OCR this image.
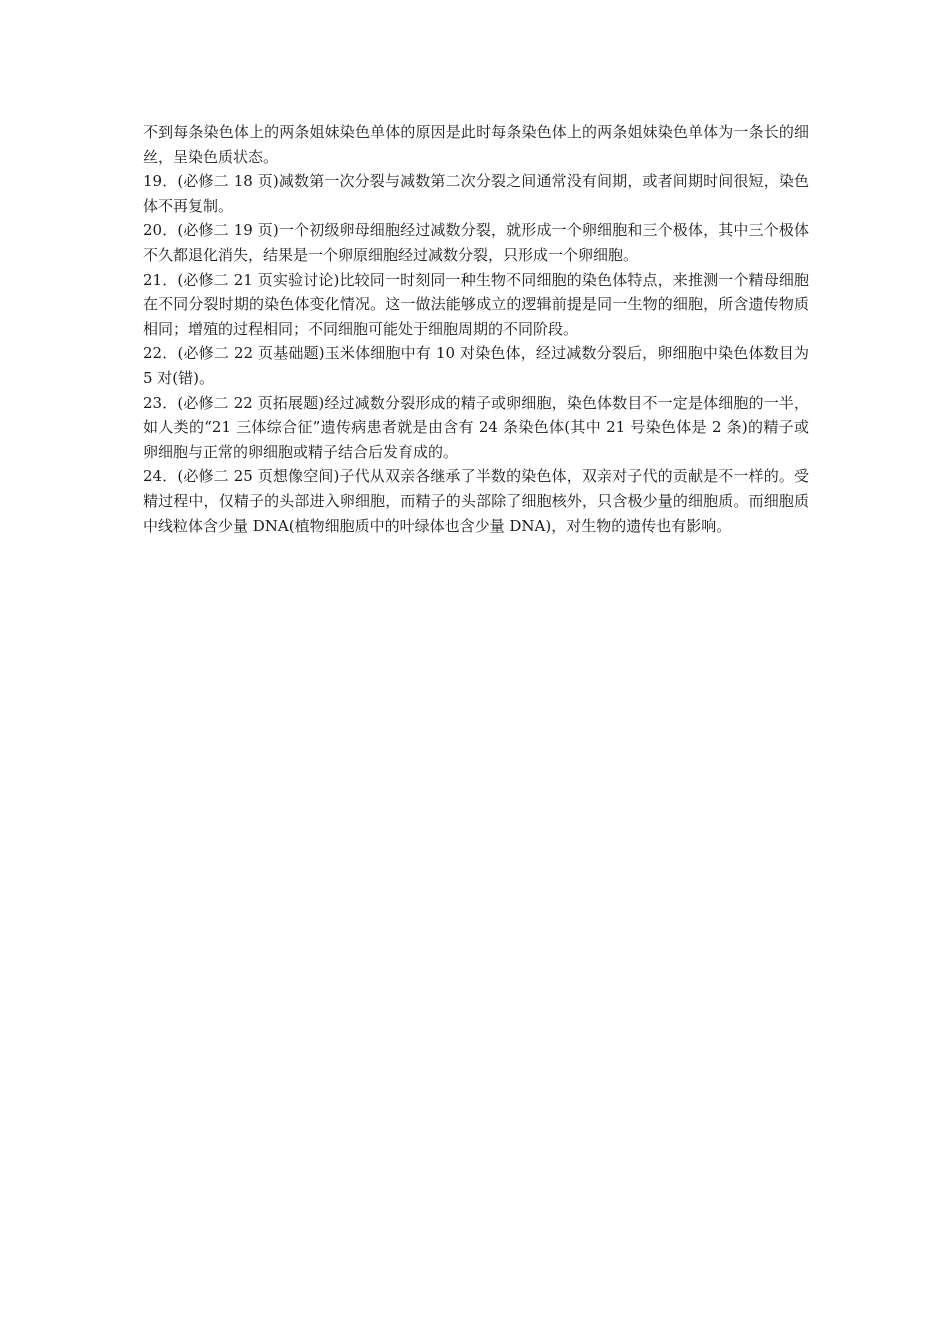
不到每条染色体上的两条姐妹染色单体的原因是此时每条染色体上的两条姐妹染色单体为一条长的细丝，呈染色质状态。

19．(必修二 18 页)减数第一次分裂与减数第二次分裂之间通常没有间期，或者间期时间很短，染色体不再复制。

20．(必修二 19 页)一个初级卵母细胞经过减数分裂，就形成一个卵细胞和三个极体，其中三个极体不久都退化消失，结果是一个卵原细胞经过减数分裂，只形成一个卵细胞。

21．(必修二 21 页实验讨论)比较同一时刻同一种生物不同细胞的染色体特点，来推测一个精母细胞在不同分裂时期的染色体变化情况。这一做法能够成立的逻辑前提是同一生物的细胞，所含遗传物质相同；增殖的过程相同；不同细胞可能处于细胞周期的不同阶段。

22．(必修二 22 页基础题)玉米体细胞中有 10 对染色体，经过减数分裂后，卵细胞中染色体数目为 5 对(错)。

23．(必修二 22 页拓展题)经过减数分裂形成的精子或卵细胞，染色体数目不一定是体细胞的一半，如人类的“21 三体综合征”遗传病患者就是由含有 24 条染色体(其中 21 号染色体是 2 条)的精子或卵细胞与正常的卵细胞或精子结合后发育成的。

24．(必修二 25 页想像空间)子代从双亲各继承了半数的染色体，双亲对子代的贡献是不一样的。受精过程中，仅精子的头部进入卵细胞，而精子的头部除了细胞核外，只含极少量的细胞质。而细胞质中线粒体含少量 DNA(植物细胞质中的叶绿体也含少量 DNA)，对生物的遗传也有影响。
